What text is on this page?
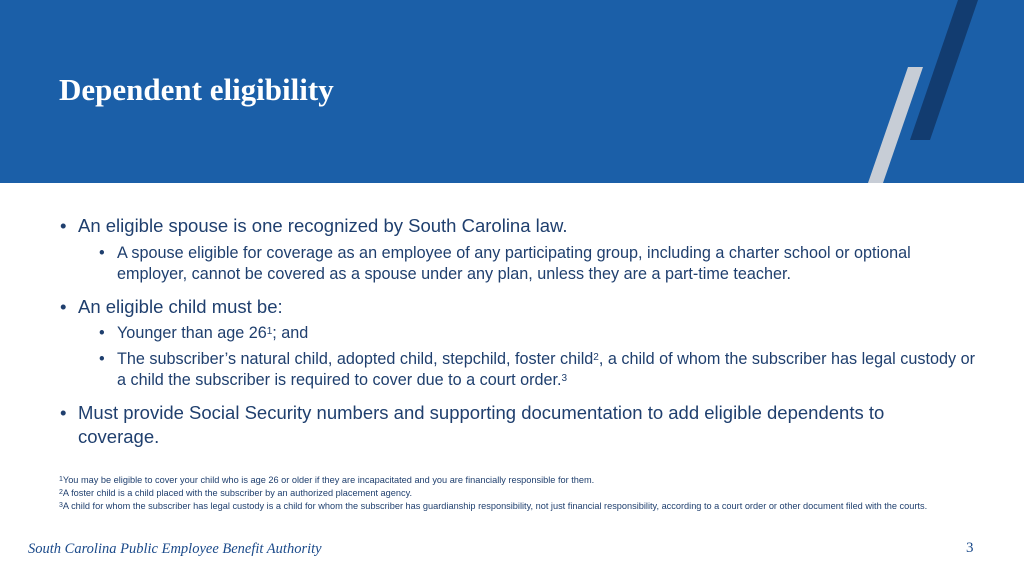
Dependent eligibility
• An eligible spouse is one recognized by South Carolina law.
• A spouse eligible for coverage as an employee of any participating group, including a charter school or optional employer, cannot be covered as a spouse under any plan, unless they are a part-time teacher.
• An eligible child must be:
• Younger than age $26^1$; and
• The subscriber’s natural child, adopted child, stepchild, foster child$^2$, a child of whom the subscriber has legal custody or a child the subscriber is required to cover due to a court order.$^3$
• Must provide Social Security numbers and supporting documentation to add eligible dependents to coverage.
$^1$You may be eligible to cover your child who is age 26 or older if they are incapacitated and you are financially responsible for them.
$^2$A foster child is a child placed with the subscriber by an authorized placement agency.
$^3$A child for whom the subscriber has legal custody is a child for whom the subscriber has guardianship responsibility, not just financial responsibility, according to a court order or other document filed with the courts.
South Carolina Public Employee Benefit Authority	3
